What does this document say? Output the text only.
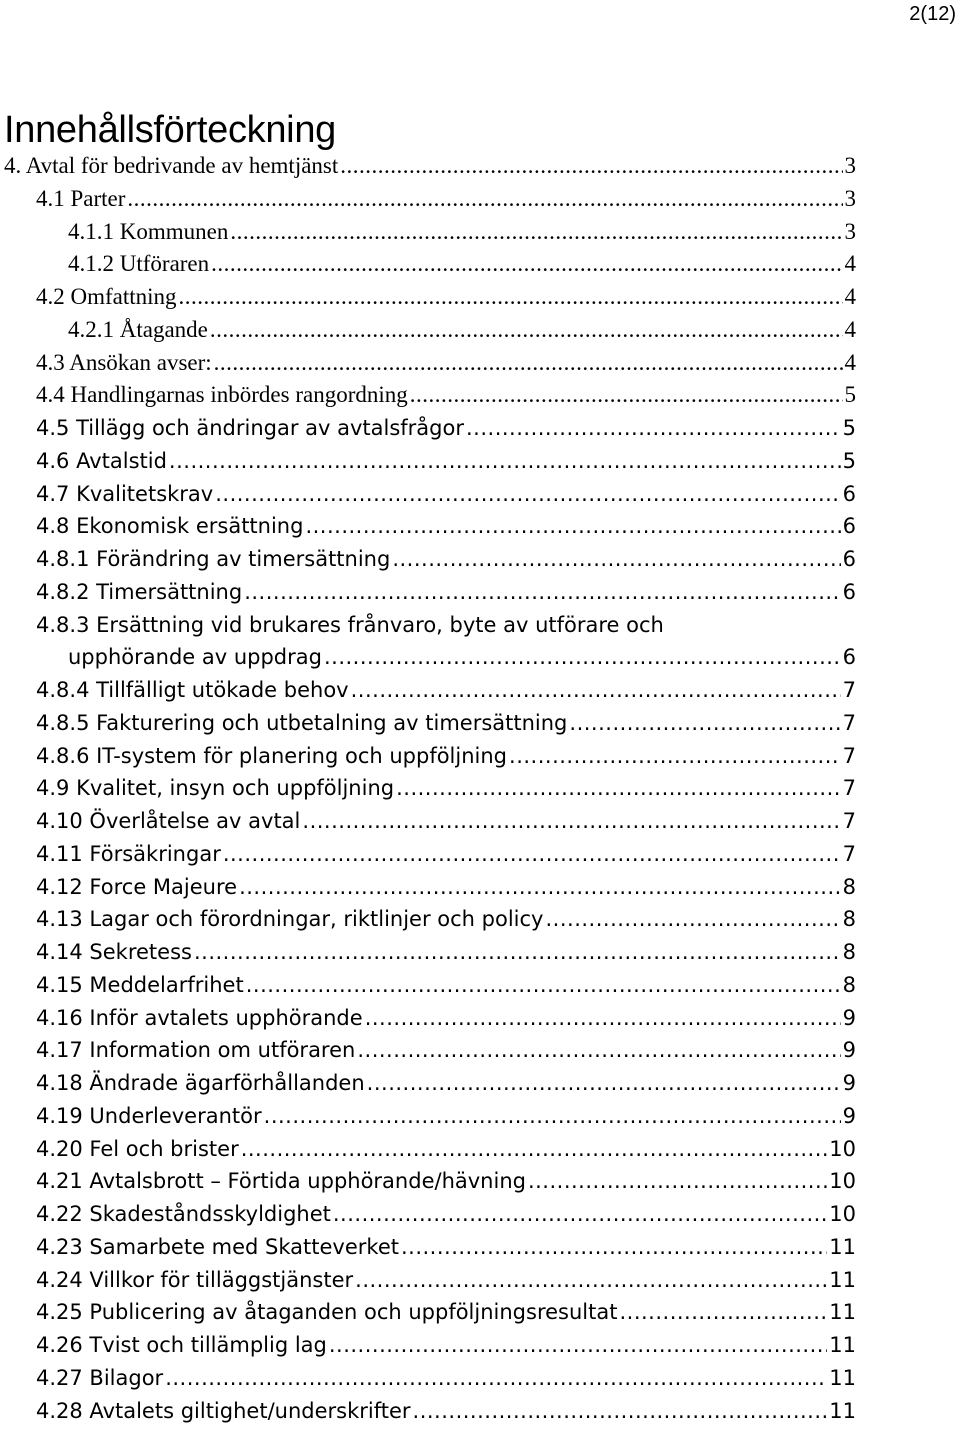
2(12)
Innehållsförteckning
4. Avtal för bedrivande av hemtjänst .....	3
4.1 Parter .....	3
4.1.1 Kommunen .....	3
4.1.2 Utföraren .....	4
4.2 Omfattning .....	4
4.2.1 Åtagande .....	4
4.3 Ansökan avser: .....	4
4.4 Handlingarnas inbördes rangordning .....	5
4.5 Tillägg och ändringar av avtalsfrågor .....	5
4.6 Avtalstid .....	5
4.7 Kvalitetskrav .....	6
4.8 Ekonomisk ersättning .....	6
4.8.1 Förändring av timersättning .....	6
4.8.2 Timersättning .....	6
4.8.3 Ersättning vid brukares frånvaro, byte av utförare och
upphörande av uppdrag .....	6
4.8.4 Tillfälligt utökade behov .....	7
4.8.5 Fakturering och utbetalning av timersättning .....	7
4.8.6 IT-system för planering och uppföljning .....	7
4.9 Kvalitet, insyn och uppföljning .....	7
4.10 Överlåtelse av avtal .....	7
4.11 Försäkringar .....	7
4.12 Force Majeure .....	8
4.13 Lagar och förordningar, riktlinjer och policy .....	8
4.14 Sekretess .....	8
4.15 Meddelarfrihet .....	8
4.16 Inför avtalets upphörande .....	9
4.17 Information om utföraren .....	9
4.18 Ändrade ägarförhållanden .....	9
4.19 Underleverantör .....	9
4.20 Fel och brister .....	10
4.21 Avtalsbrott – Förtida upphörande/hävning .....	10
4.22 Skadeståndsskyldighet .....	10
4.23 Samarbete med Skatteverket .....	11
4.24 Villkor för tilläggstjänster .....	11
4.25 Publicering av åtaganden och uppföljningsresultat .....	11
4.26 Tvist och tillämplig lag .....	11
4.27 Bilagor .....	11
4.28 Avtalets giltighet/underskrifter .....	11
